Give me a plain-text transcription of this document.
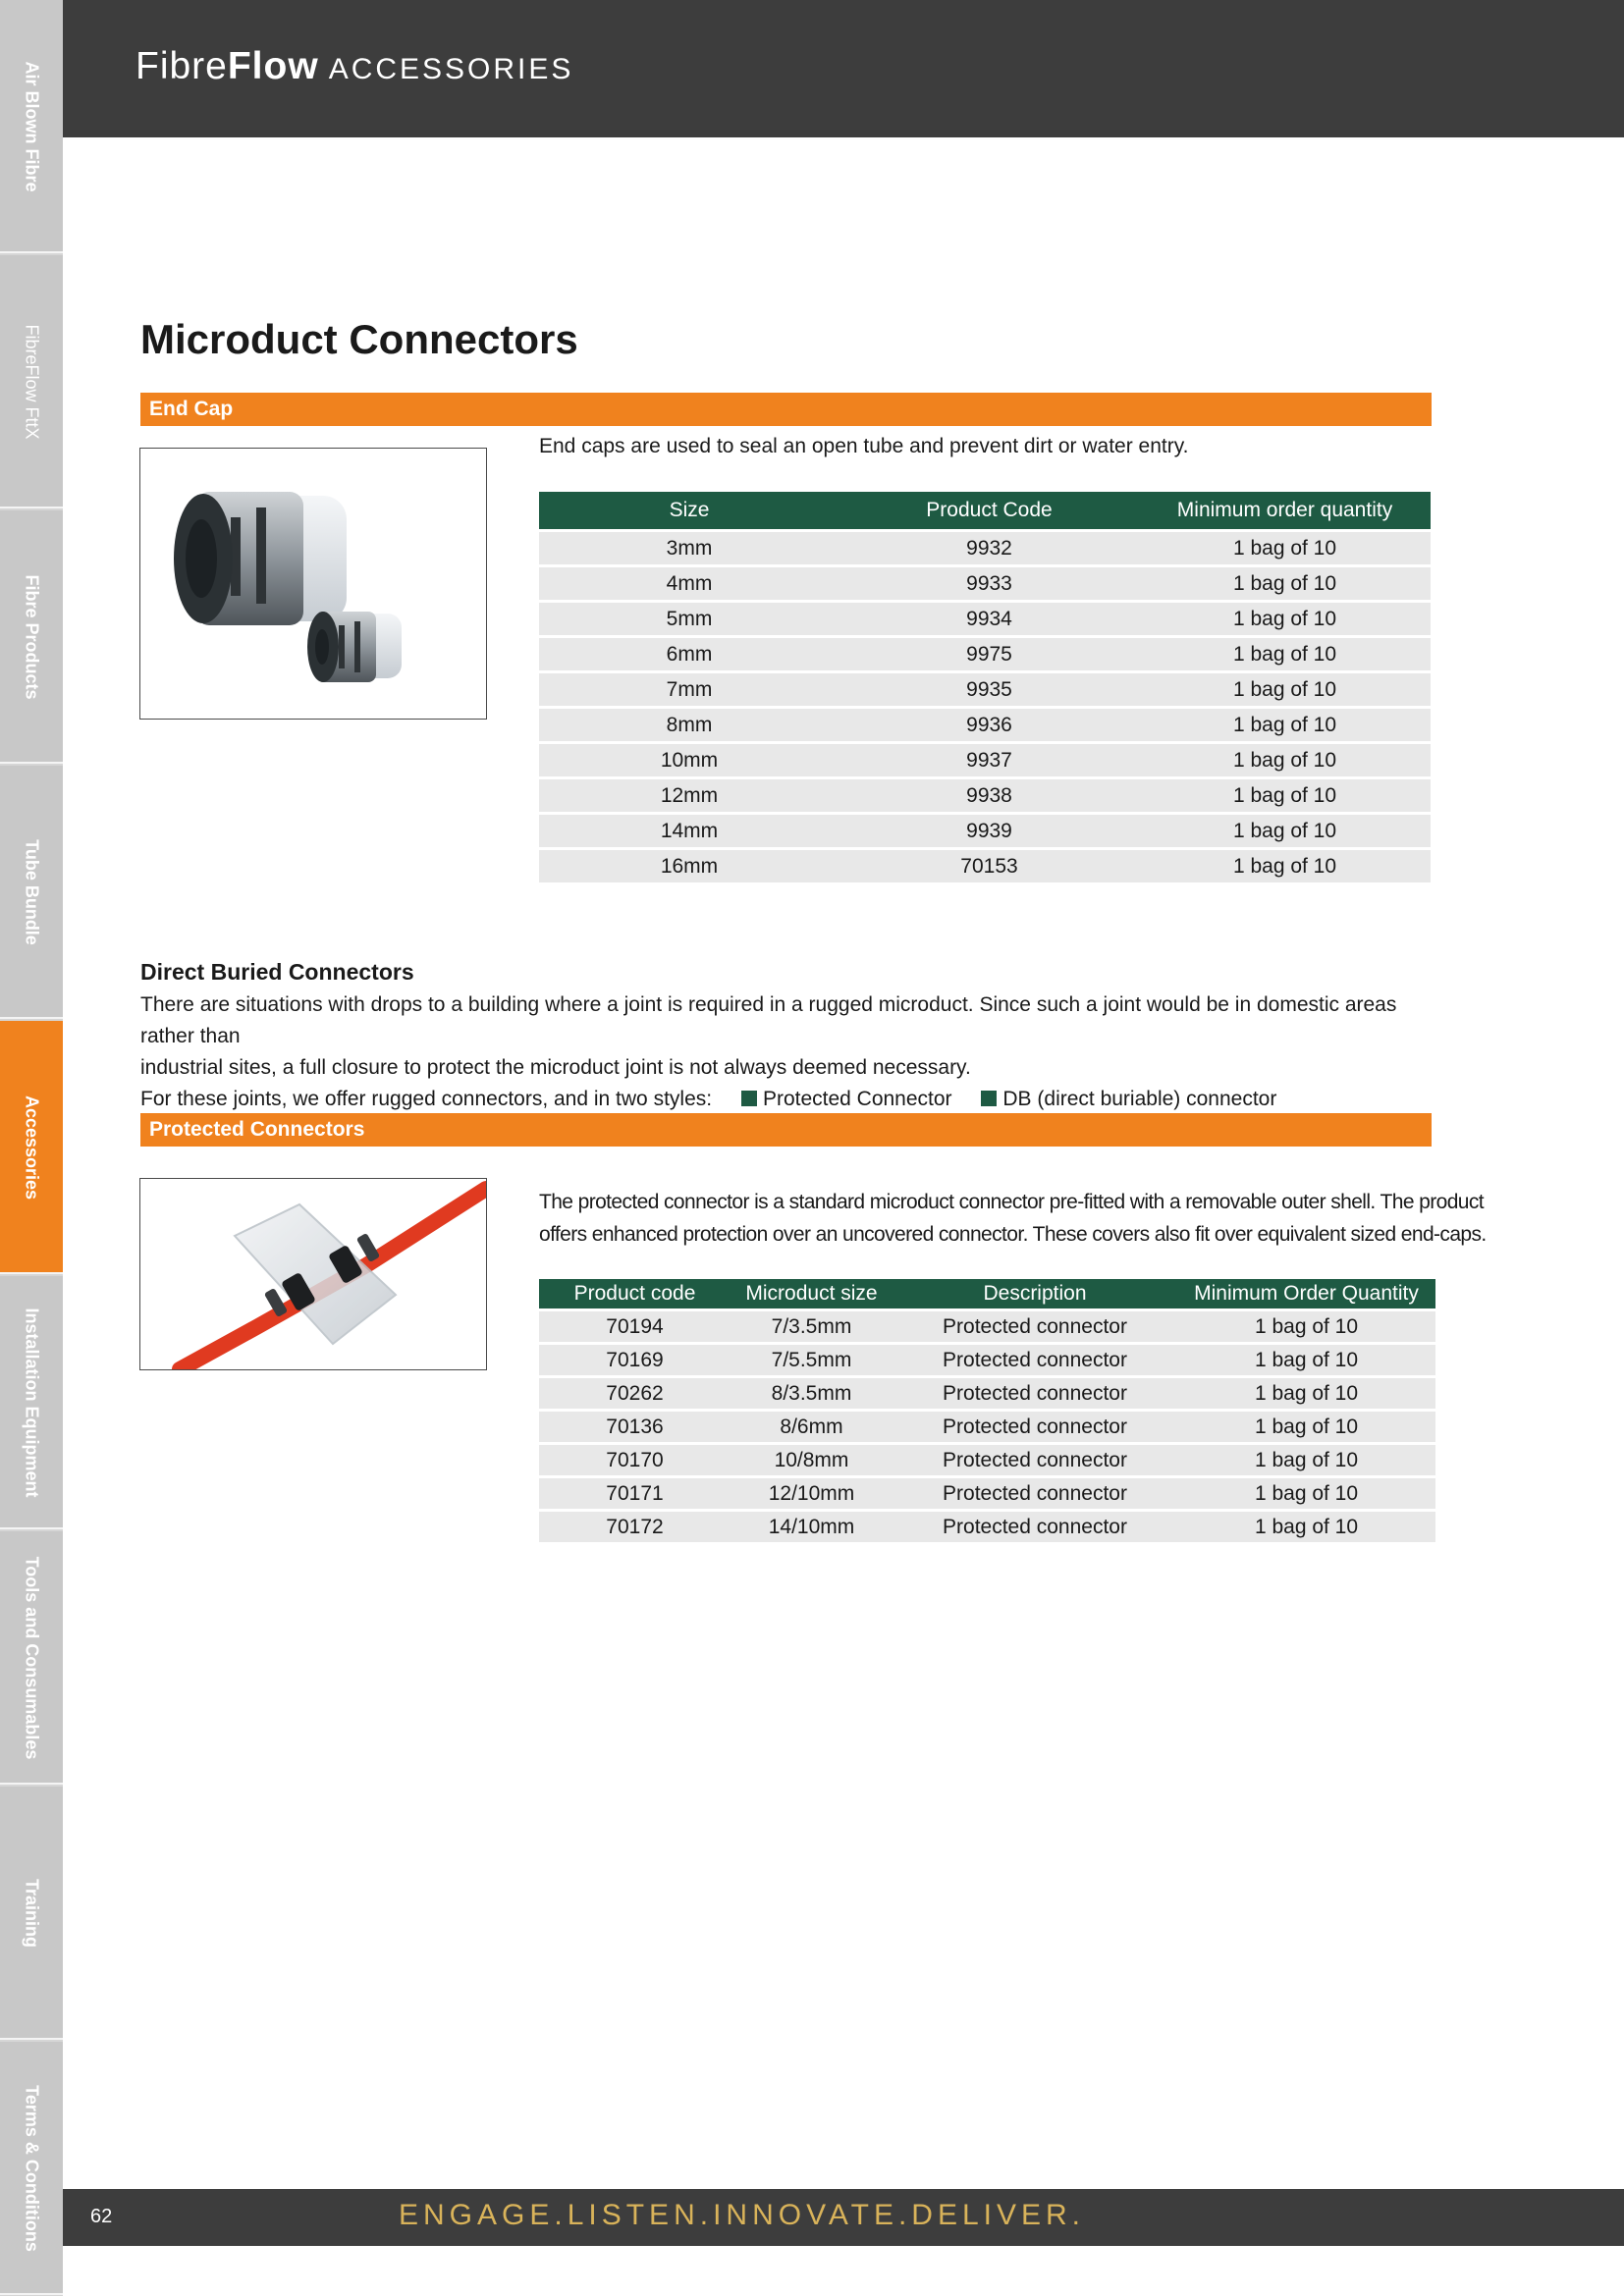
Air Blown Fibre
FibreFlow FttX
Fibre Products
Tube Bundle
Accessories
Installation Equipment
Tools and Consumables
Training
Terms & Conditions
FibreFlow ACCESSORIES
Microduct Connectors
End Cap
End caps are used to seal an open tube and prevent dirt or water entry.
Size	Product Code	Minimum order quantity
3mm	9932	1 bag of 10
4mm	9933	1 bag of 10
5mm	9934	1 bag of 10
6mm	9975	1 bag of 10
7mm	9935	1 bag of 10
8mm	9936	1 bag of 10
10mm	9937	1 bag of 10
12mm	9938	1 bag of 10
14mm	9939	1 bag of 10
16mm	70153	1 bag of 10
Direct Buried Connectors
There are situations with drops to a building where a joint is required in a rugged microduct. Since such a joint would be in domestic areas rather than
industrial sites, a full closure to protect the microduct joint is not always deemed necessary.
For these joints, we offer rugged connectors, and in two styles: Protected Connector DB (direct buriable) connector
Protected Connectors
The protected connector is a standard microduct connector pre-fitted with a removable outer shell. The product
offers enhanced protection over an uncovered connector. These covers also fit over equivalent sized end-caps.
Product code	Microduct size	Description	Minimum Order Quantity
70194	7/3.5mm	Protected connector	1 bag of 10
70169	7/5.5mm	Protected connector	1 bag of 10
70262	8/3.5mm	Protected connector	1 bag of 10
70136	8/6mm	Protected connector	1 bag of 10
70170	10/8mm	Protected connector	1 bag of 10
70171	12/10mm	Protected connector	1 bag of 10
70172	14/10mm	Protected connector	1 bag of 10
62	ENGAGE.LISTEN.INNOVATE.DELIVER.
